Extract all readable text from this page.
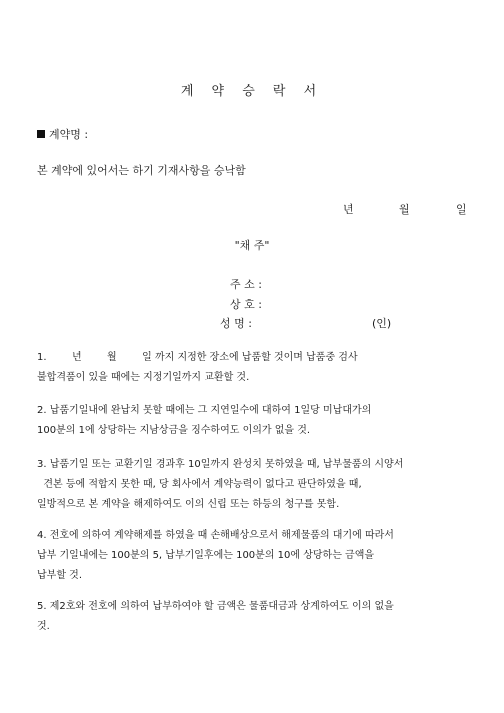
계 약 승 락 서
계약명 :
본 계약에 있어서는 하기 기재사항을 승낙함
년	월	일
"채 주"
주 소 :
상 호 :
성 명 :	(인)
1.        년        월        일 까지 지정한 장소에 납품할 것이며 납품중 검사
불합격품이 있을 때에는 지정기일까지 교환할 것.
2. 납품기일내에 완납치 못할 때에는 그 지연일수에 대하여 1일당 미납대가의
100분의 1에 상당하는 지남상금을 징수하여도 이의가 없을 것.
3. 납품기일 또는 교환기일 경과후 10일까지 완성치 못하였을 때, 납부물품의 시양서
견본 등에 적합지 못한 때, 당 회사에서 계약능력이 없다고 판단하였을 때,
일방적으로 본 계약을 해제하여도 이의 신립 또는 하등의 청구를 못함.
4. 전호에 의하여 계약해제를 하였을 때 손해배상으로서 해제물품의 대기에 따라서
납부 기일내에는 100분의 5, 납부기일후에는 100분의 10에 상당하는 금액을
납부할 것.
5. 제2호와 전호에 의하여 납부하여야 할 금액은 물품대금과 상계하여도 이의 없을
것.
